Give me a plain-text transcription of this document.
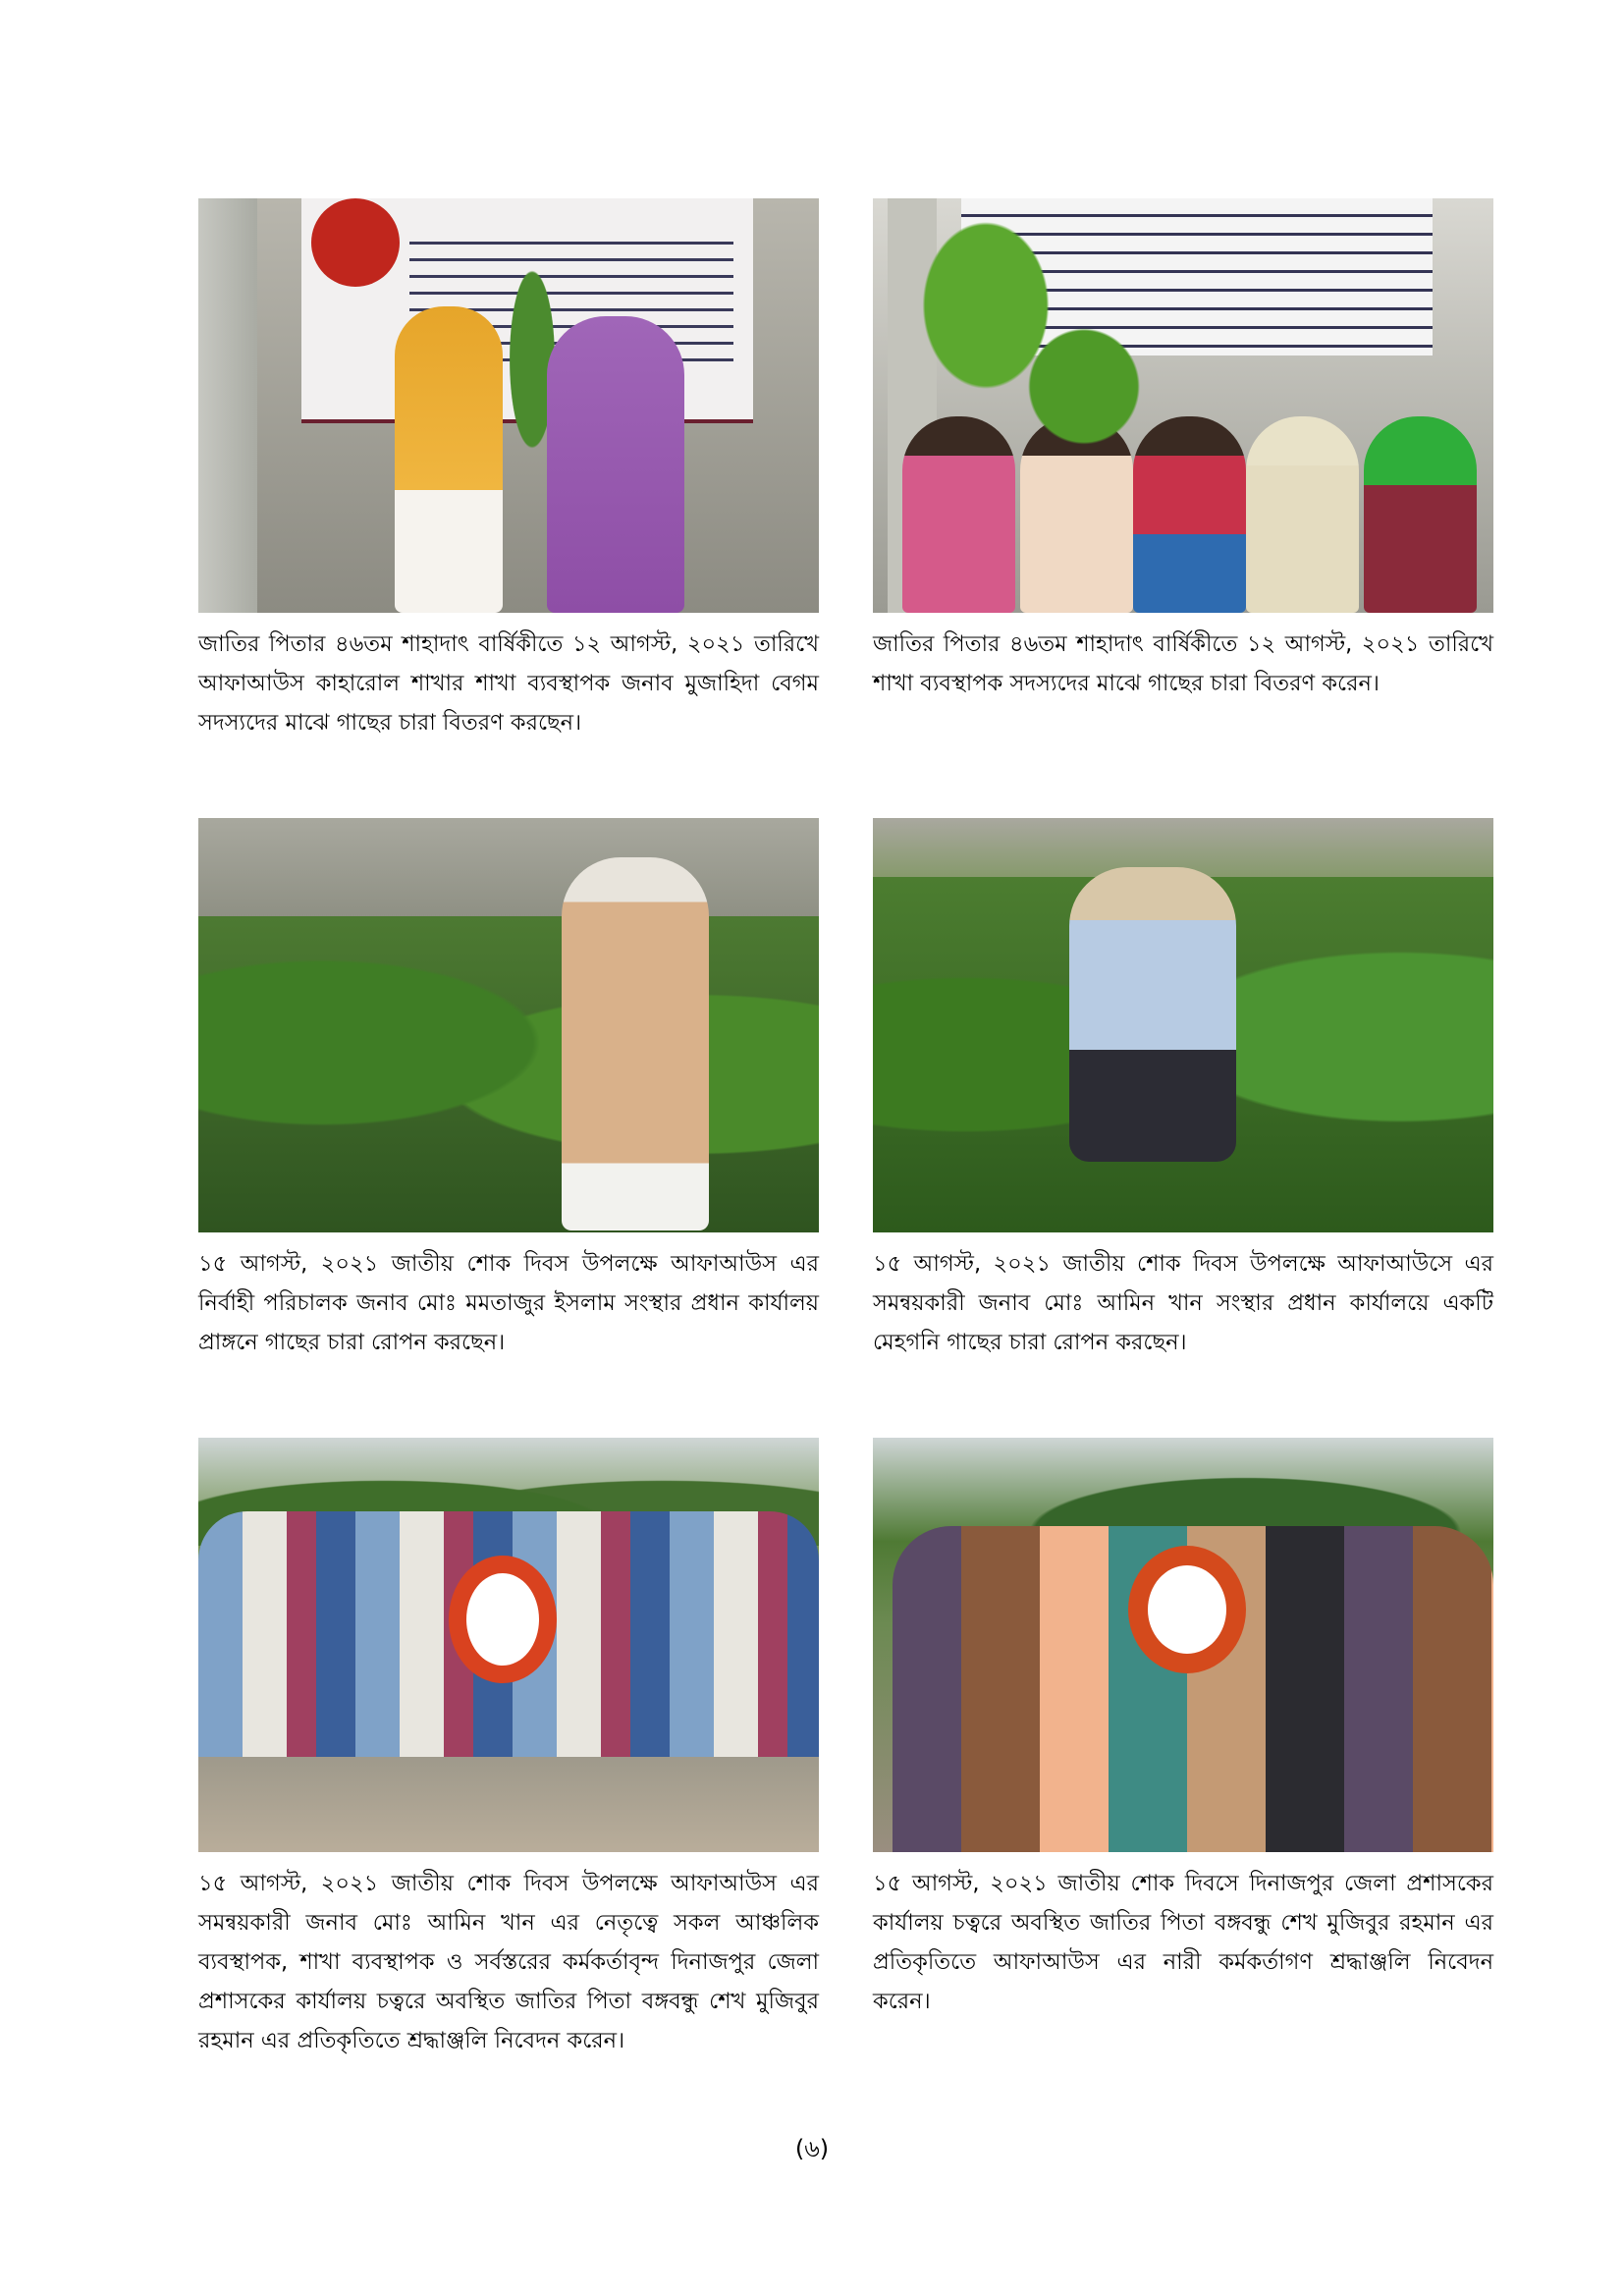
জাতির পিতার ৪৬তম শাহাদাৎ বার্ষিকীতে ১২ আগস্ট, ২০২১ তারিখে আফাআউস কাহারোল শাখার শাখা ব্যবস্থাপক জনাব মুজাহিদা বেগম সদস্যদের মাঝে গাছের চারা বিতরণ করছেন।
জাতির পিতার ৪৬তম শাহাদাৎ বার্ষিকীতে ১২ আগস্ট, ২০২১ তারিখে শাখা ব্যবস্থাপক সদস্যদের মাঝে গাছের চারা বিতরণ করেন।
১৫ আগস্ট, ২০২১ জাতীয় শোক দিবস উপলক্ষে আফাআউস এর নির্বাহী পরিচালক জনাব মোঃ মমতাজুর ইসলাম সংস্থার প্রধান কার্যালয় প্রাঙ্গনে গাছের চারা রোপন করছেন।
১৫ আগস্ট, ২০২১ জাতীয় শোক দিবস উপলক্ষে আফাআউসে এর সমন্বয়কারী জনাব মোঃ আমিন খান সংস্থার প্রধান কার্যালয়ে একটি মেহগনি গাছের চারা রোপন করছেন।
১৫ আগস্ট, ২০২১ জাতীয় শোক দিবস উপলক্ষে আফাআউস এর সমন্বয়কারী জনাব মোঃ আমিন খান এর নেতৃত্বে সকল আঞ্চলিক ব্যবস্থাপক, শাখা ব্যবস্থাপক ও সর্বস্তরের কর্মকর্তাবৃন্দ দিনাজপুর জেলা প্রশাসকের কার্যালয় চত্বরে অবস্থিত জাতির পিতা বঙ্গবন্ধু শেখ মুজিবুর রহমান এর প্রতিকৃতিতে শ্রদ্ধাঞ্জলি নিবেদন করেন।
১৫ আগস্ট, ২০২১ জাতীয় শোক দিবসে দিনাজপুর জেলা প্রশাসকের কার্যালয় চত্বরে অবস্থিত জাতির পিতা বঙ্গবন্ধু শেখ মুজিবুর রহমান এর প্রতিকৃতিতে আফাআউস এর নারী কর্মকর্তাগণ শ্রদ্ধাঞ্জলি নিবেদন করেন।
(৬)
